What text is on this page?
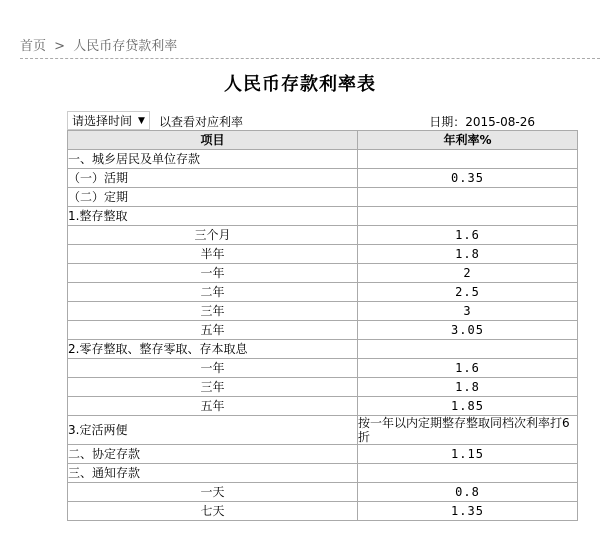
首页 > 人民币存贷款利率
人民币存款利率表
请选择时间 ▼ 以查看对应利率	日期：2015-08-26
项目	年利率%
一、城乡居民及单位存款	
（一）活期	0.35
（二）定期	
1.整存整取	
三个月	1.6
半年	1.8
一年	2
二年	2.5
三年	3
五年	3.05
2.零存整取、整存零取、存本取息	
一年	1.6
三年	1.8
五年	1.85
3.定活两便	按一年以内定期整存整取同档次利率打6折
二、协定存款	1.15
三、通知存款	
一天	0.8
七天	1.35
